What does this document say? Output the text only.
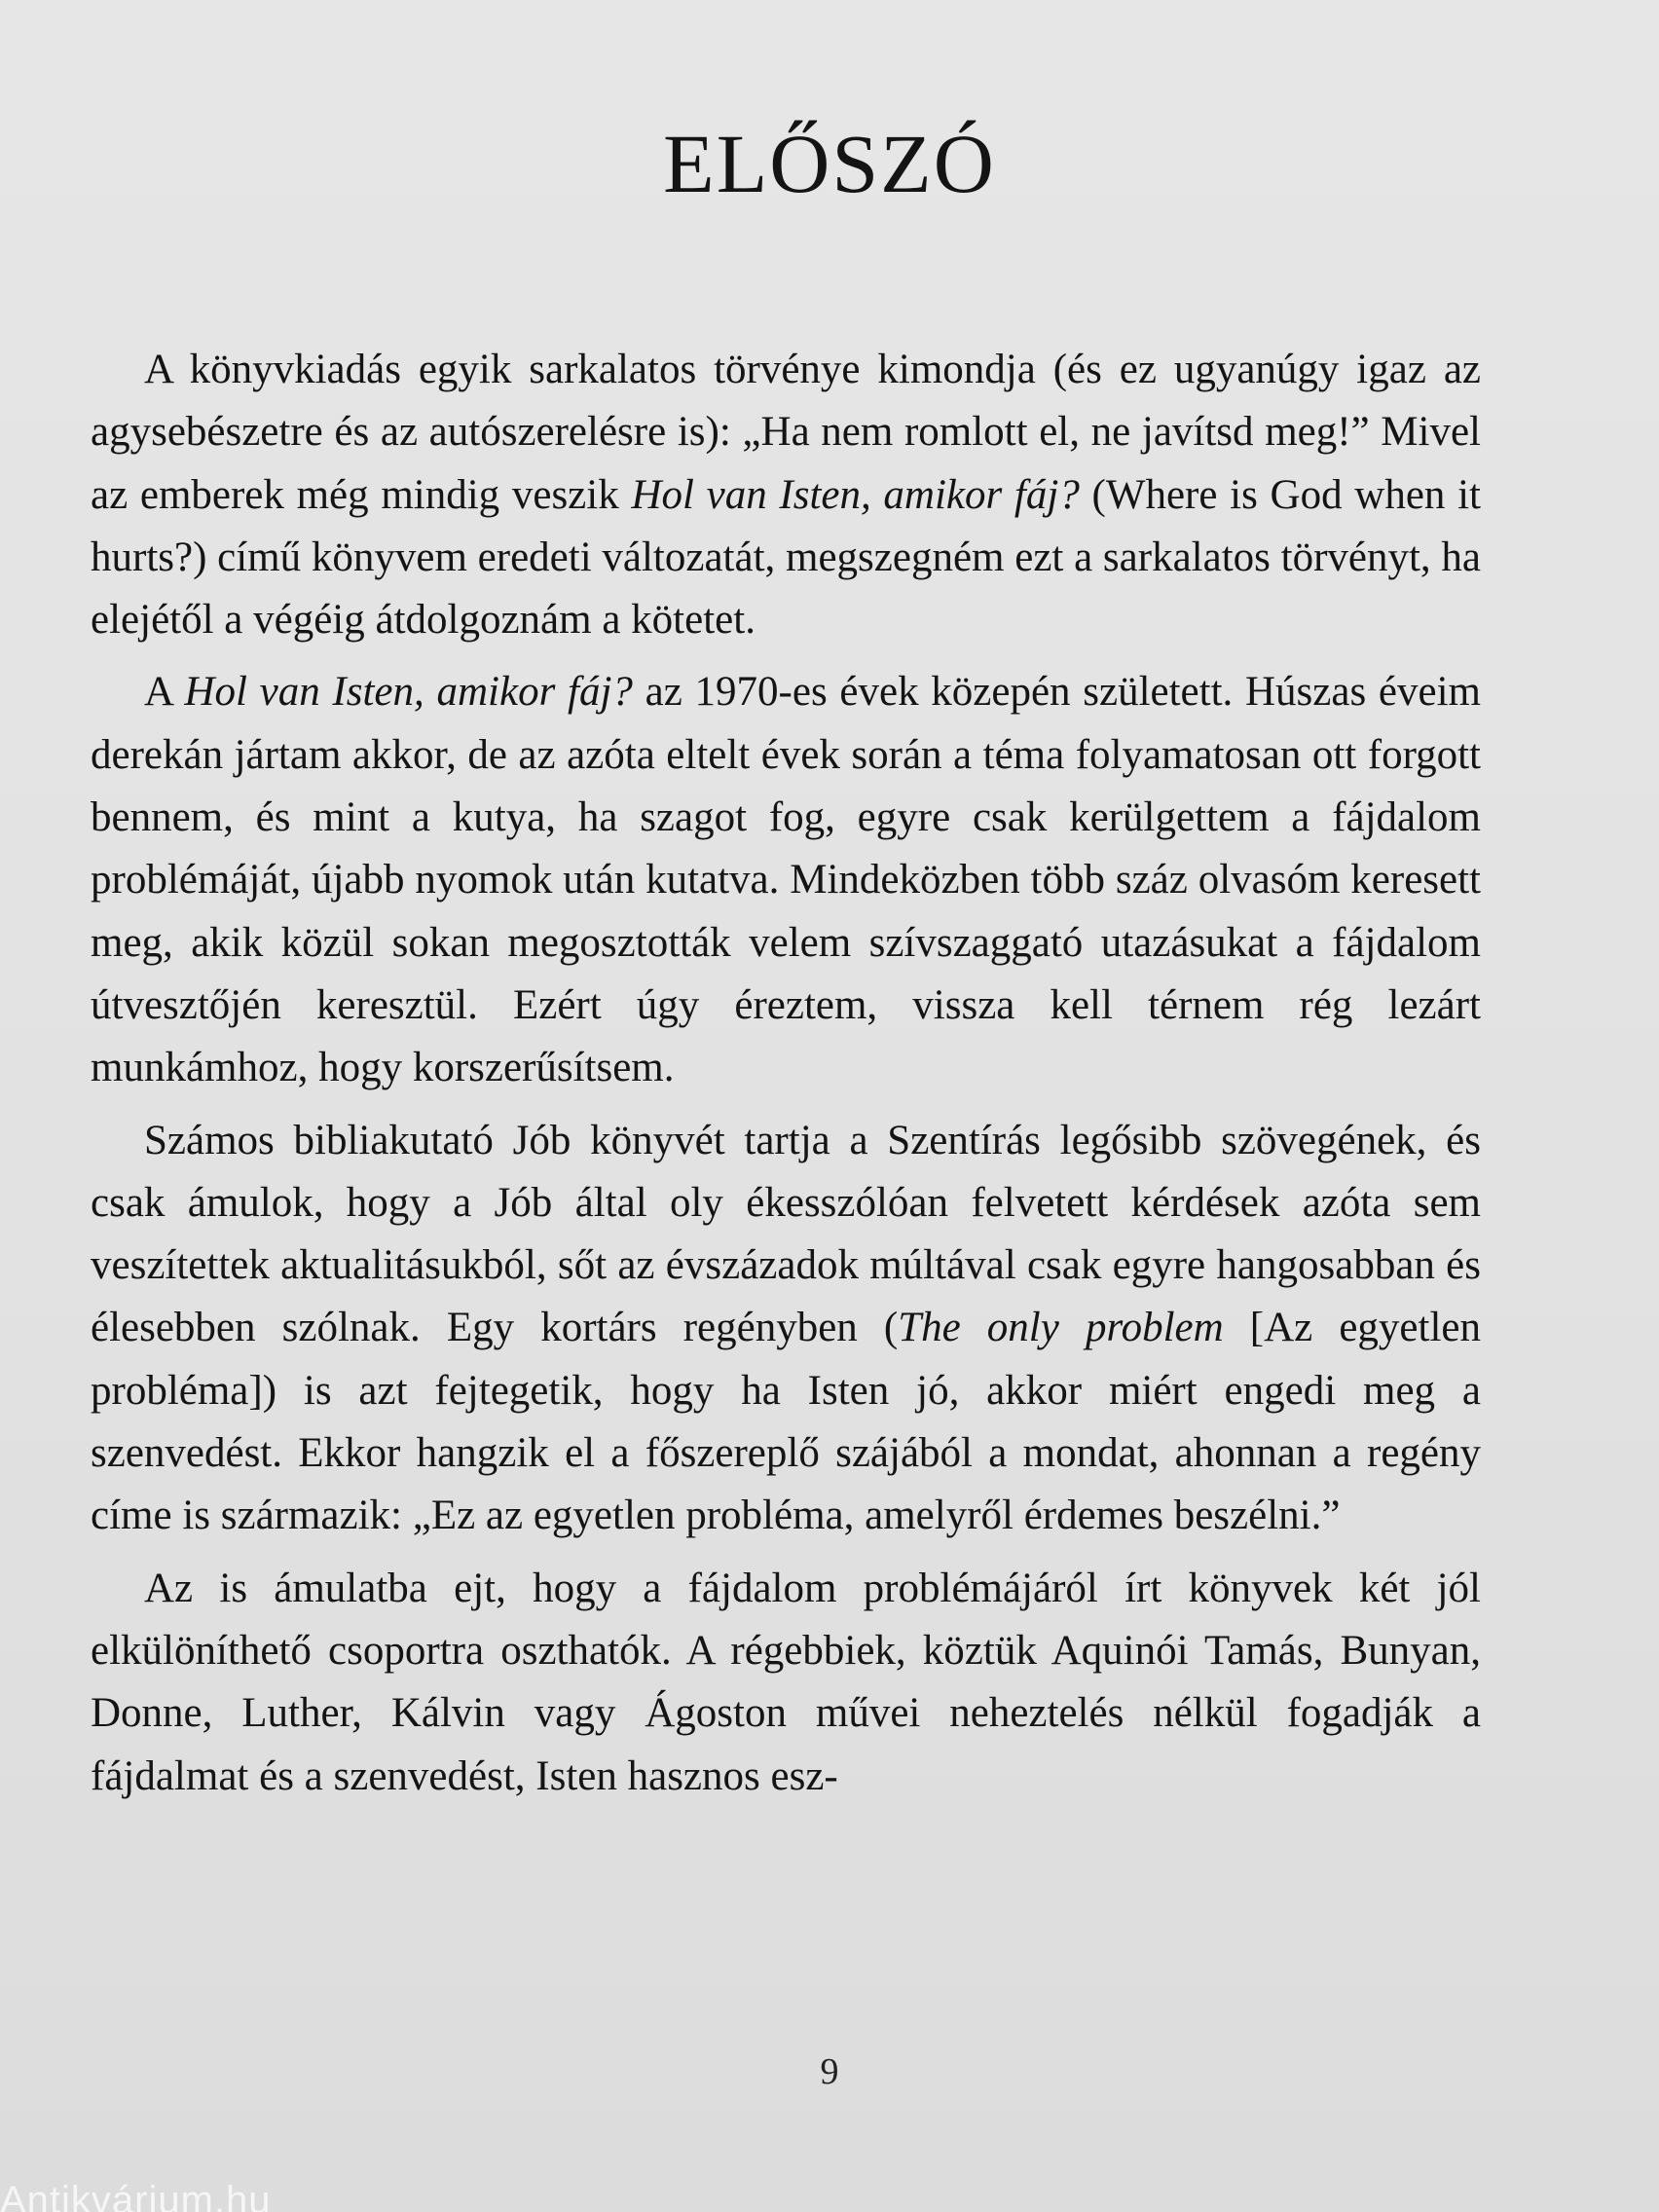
ELŐSZÓ

A könyvkiadás egyik sarkalatos törvénye kimondja (és ez ugyanúgy igaz az agysebészetre és az autószerelésre is): „Ha nem romlott el, ne javítsd meg!” Mivel az emberek még mindig veszik Hol van Isten, amikor fáj? (Where is God when it hurts?) című könyvem eredeti változatát, megszegném ezt a sarkalatos törvényt, ha elejétől a végéig átdolgoznám a kötetet.

A Hol van Isten, amikor fáj? az 1970-es évek közepén született. Húszas éveim derekán jártam akkor, de az azóta eltelt évek során a téma folyamatosan ott forgott bennem, és mint a kutya, ha szagot fog, egyre csak kerülgettem a fájdalom problémáját, újabb nyomok után kutatva. Mindeközben több száz olvasóm keresett meg, akik közül sokan megosztották velem szívszaggató utazásukat a fájdalom útvesztőjén keresztül. Ezért úgy éreztem, vissza kell térnem rég lezárt munkámhoz, hogy korszerűsítsem.

Számos bibliakutató Jób könyvét tartja a Szentírás legősibb szövegének, és csak ámulok, hogy a Jób által oly ékesszólóan felvetett kérdések azóta sem veszítettek aktualitásukból, sőt az évszázadok múltával csak egyre hangosabban és élesebben szólnak. Egy kortárs regényben (The only problem [Az egyetlen probléma]) is azt fejtegetik, hogy ha Isten jó, akkor miért engedi meg a szenvedést. Ekkor hangzik el a főszereplő szájából a mondat, ahonnan a regény címe is származik: „Ez az egyetlen probléma, amelyről érdemes beszélni.”

Az is ámulatba ejt, hogy a fájdalom problémájáról írt könyvek két jól elkülöníthető csoportra oszthatók. A régebbiek, köztük Aquinói Tamás, Bunyan, Donne, Luther, Kálvin vagy Ágoston művei neheztelés nélkül fogadják a fájdalmat és a szenvedést, Isten hasznos esz-

9
Antikvárium.hu
